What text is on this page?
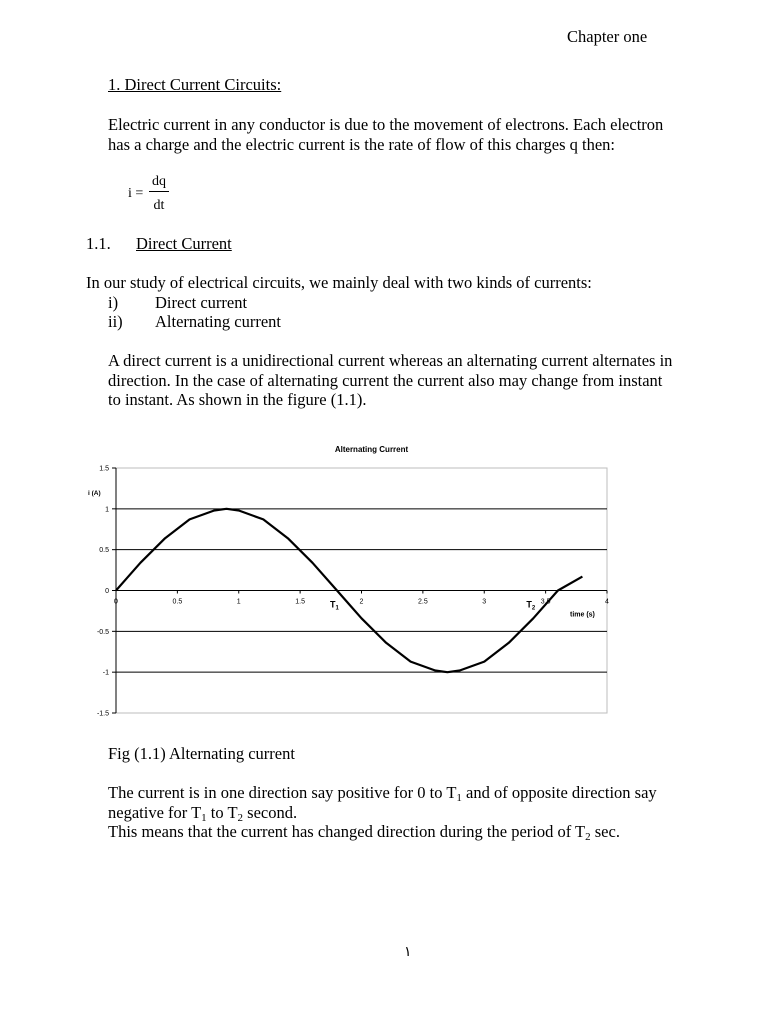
Chapter one
1. Direct Current Circuits:
Electric current in any conductor is due to the movement of electrons. Each electron
has a charge and the electric current is the rate of flow of this charges q then:
$i = \frac{dq}{dt}$
1.1. Direct Current
In our study of electrical circuits, we mainly deal with two kinds of currents:
i) Direct current
ii) Alternating current
A direct current is a unidirectional current whereas an alternating current alternates in
direction. In the case of alternating current the current also may change from instant
to instant. As shown in the figure (1.1).
1.5
1
0.5
0
-0.5
-1
-1.5
0	0.5	1	1.5	2	2.5	3	3.5	4
Alternating Current
i (A)
time (s)
$T_1$	$T_2$
Fig (1.1) Alternating current
The current is in one direction say positive for 0 to $T_1$ and of opposite direction say
negative for $T_1$ to $T_2$ second.
This means that the current has changed direction during the period of $T_2$ sec.
١
